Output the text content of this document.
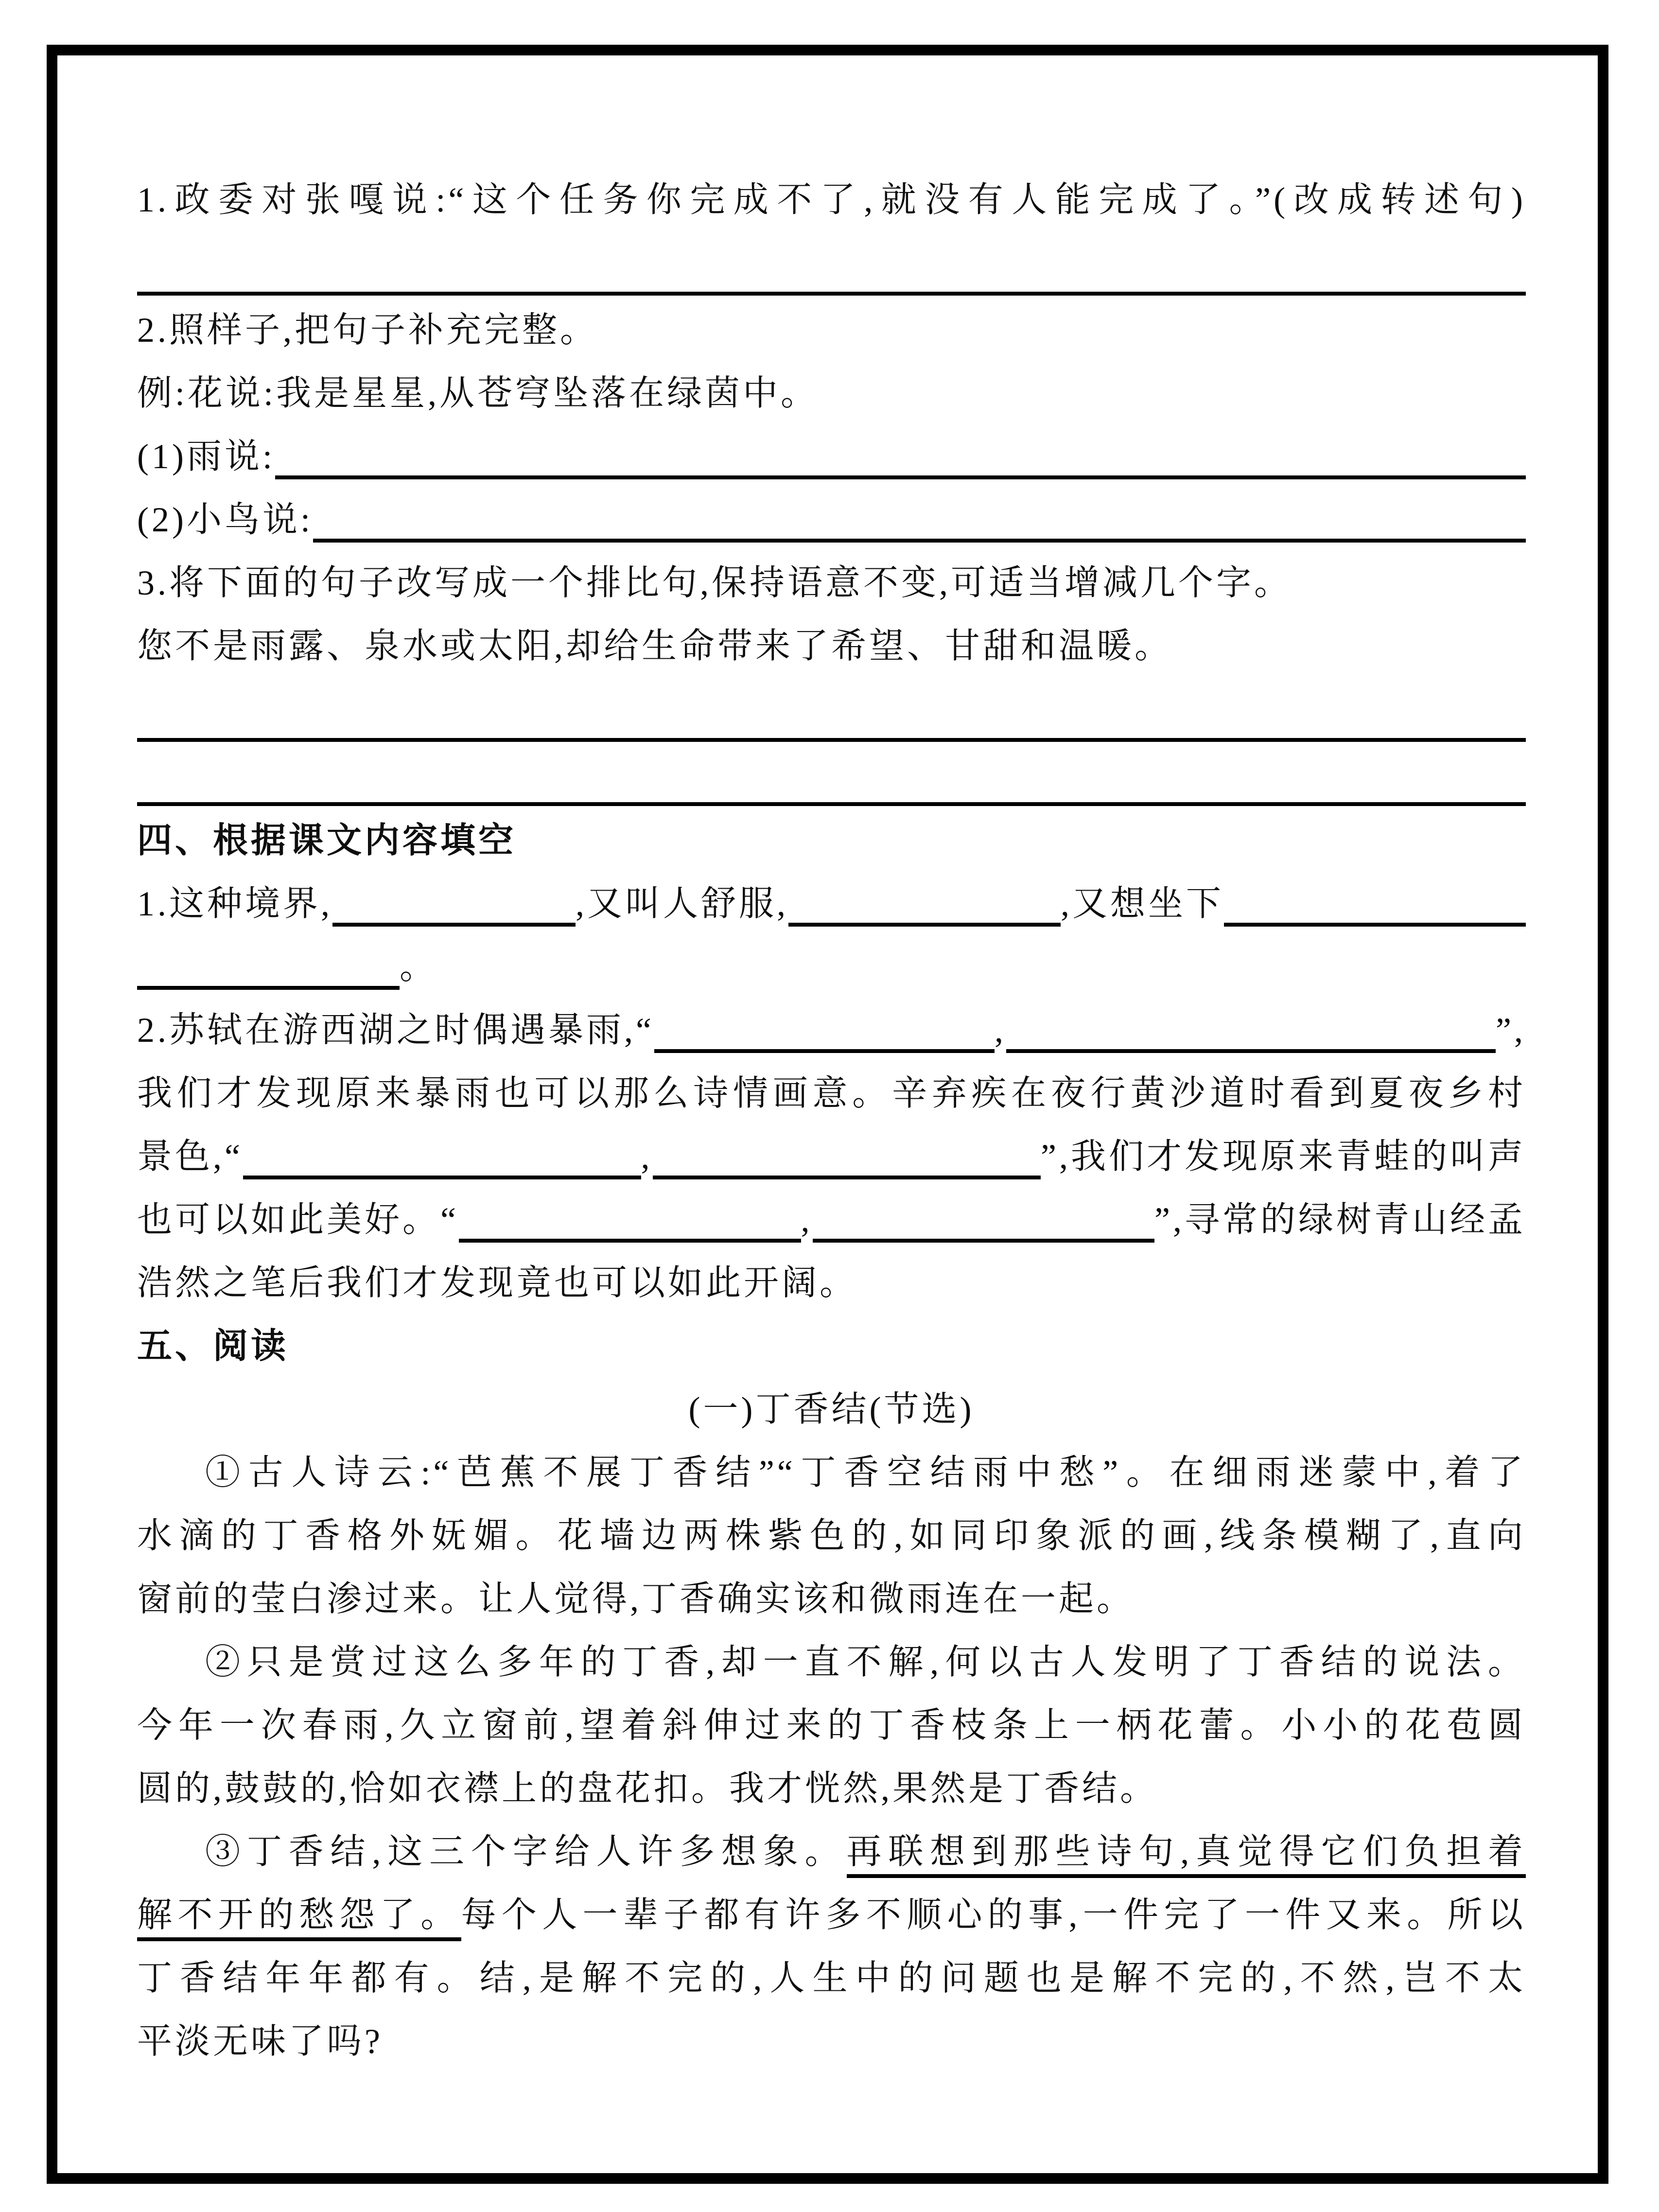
1.政委对张嘎说:“这个任务你完成不了,就没有人能完成了。”(改成转述句)
2.照样子,把句子补充完整。
例:花说:我是星星,从苍穹坠落在绿茵中。
(1)雨说:
(2)小鸟说:
3.将下面的句子改写成一个排比句,保持语意不变,可适当增减几个字。
您不是雨露、泉水或太阳,却给生命带来了希望、甘甜和温暖。
四、根据课文内容填空
1.这种境界,	,又叫人舒服,	,又想坐下
。
2.苏轼在游西湖之时偶遇暴雨,“	,	”,
我们才发现原来暴雨也可以那么诗情画意。辛弃疾在夜行黄沙道时看到夏夜乡村
景色,“	,	”,我们才发现原来青蛙的叫声
也可以如此美好。“	,	”,寻常的绿树青山经孟
浩然之笔后我们才发现竟也可以如此开阔。
五、阅读
(一)丁香结(节选)
①古人诗云:“芭蕉不展丁香结”“丁香空结雨中愁”。在细雨迷蒙中,着了
水滴的丁香格外妩媚。花墙边两株紫色的,如同印象派的画,线条模糊了,直向
窗前的莹白渗过来。让人觉得,丁香确实该和微雨连在一起。
②只是赏过这么多年的丁香,却一直不解,何以古人发明了丁香结的说法。
今年一次春雨,久立窗前,望着斜伸过来的丁香枝条上一柄花蕾。小小的花苞圆
圆的,鼓鼓的,恰如衣襟上的盘花扣。我才恍然,果然是丁香结。
③丁香结,这三个字给人许多想象。再联想到那些诗句,真觉得它们负担着
解不开的愁怨了。每个人一辈子都有许多不顺心的事,一件完了一件又来。所以
丁香结年年都有。结,是解不完的,人生中的问题也是解不完的,不然,岂不太
平淡无味了吗?
